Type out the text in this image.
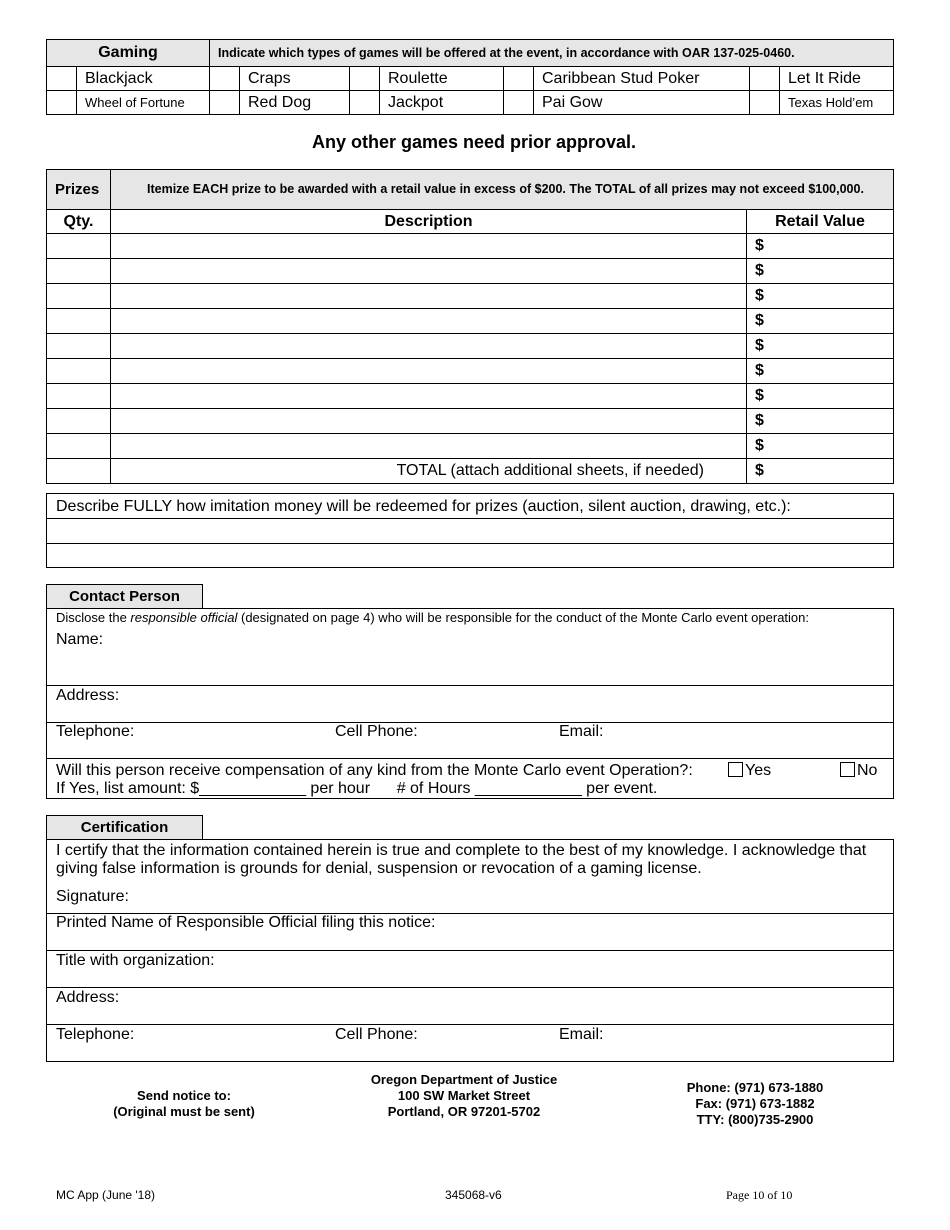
Gaming		Indicate which types of games will be offered at the event, in accordance with OAR 137-025-0460.							
	Blackjack		Craps		Roulette		Caribbean Stud Poker		Let It Ride
	Wheel of Fortune		Red Dog		Jackpot		Pai Gow		Texas Hold’em
Any other games need prior approval.
Prizes	Itemize EACH prize to be awarded with a retail value in excess of $200. The TOTAL of all prizes may not exceed $100,000.	
Qty.	Description	Retail Value
		$
		$
		$
		$
		$
		$
		$
		$
		$
	TOTAL (attach additional sheets, if needed)	$
Describe FULLY how imitation money will be redeemed for prizes (auction, silent auction, drawing, etc.):
Contact Person
Disclose the responsible official (designated on page 4) who will be responsible for the conduct of the Monte Carlo event operation:
Name:
Address:
Telephone:	Cell Phone:	Email:
Will this person receive compensation of any kind from the Monte Carlo event Operation?:	Yes	No
If Yes, list amount: $____________ per hour      # of Hours ____________ per event.
Certification
I certify that the information contained herein is true and complete to the best of my knowledge. I acknowledge that giving false information is grounds for denial, suspension or revocation of a gaming license.
Signature:
Printed Name of Responsible Official filing this notice:
Title with organization:
Address:
Telephone:	Cell Phone:	Email:
Send notice to:
(Original must be sent)
Oregon Department of Justice
100 SW Market Street
Portland, OR 97201-5702
Phone: (971) 673-1880
Fax: (971) 673-1882
TTY: (800)735-2900
MC App (June '18)	345068-v6	Page 10 of 10
